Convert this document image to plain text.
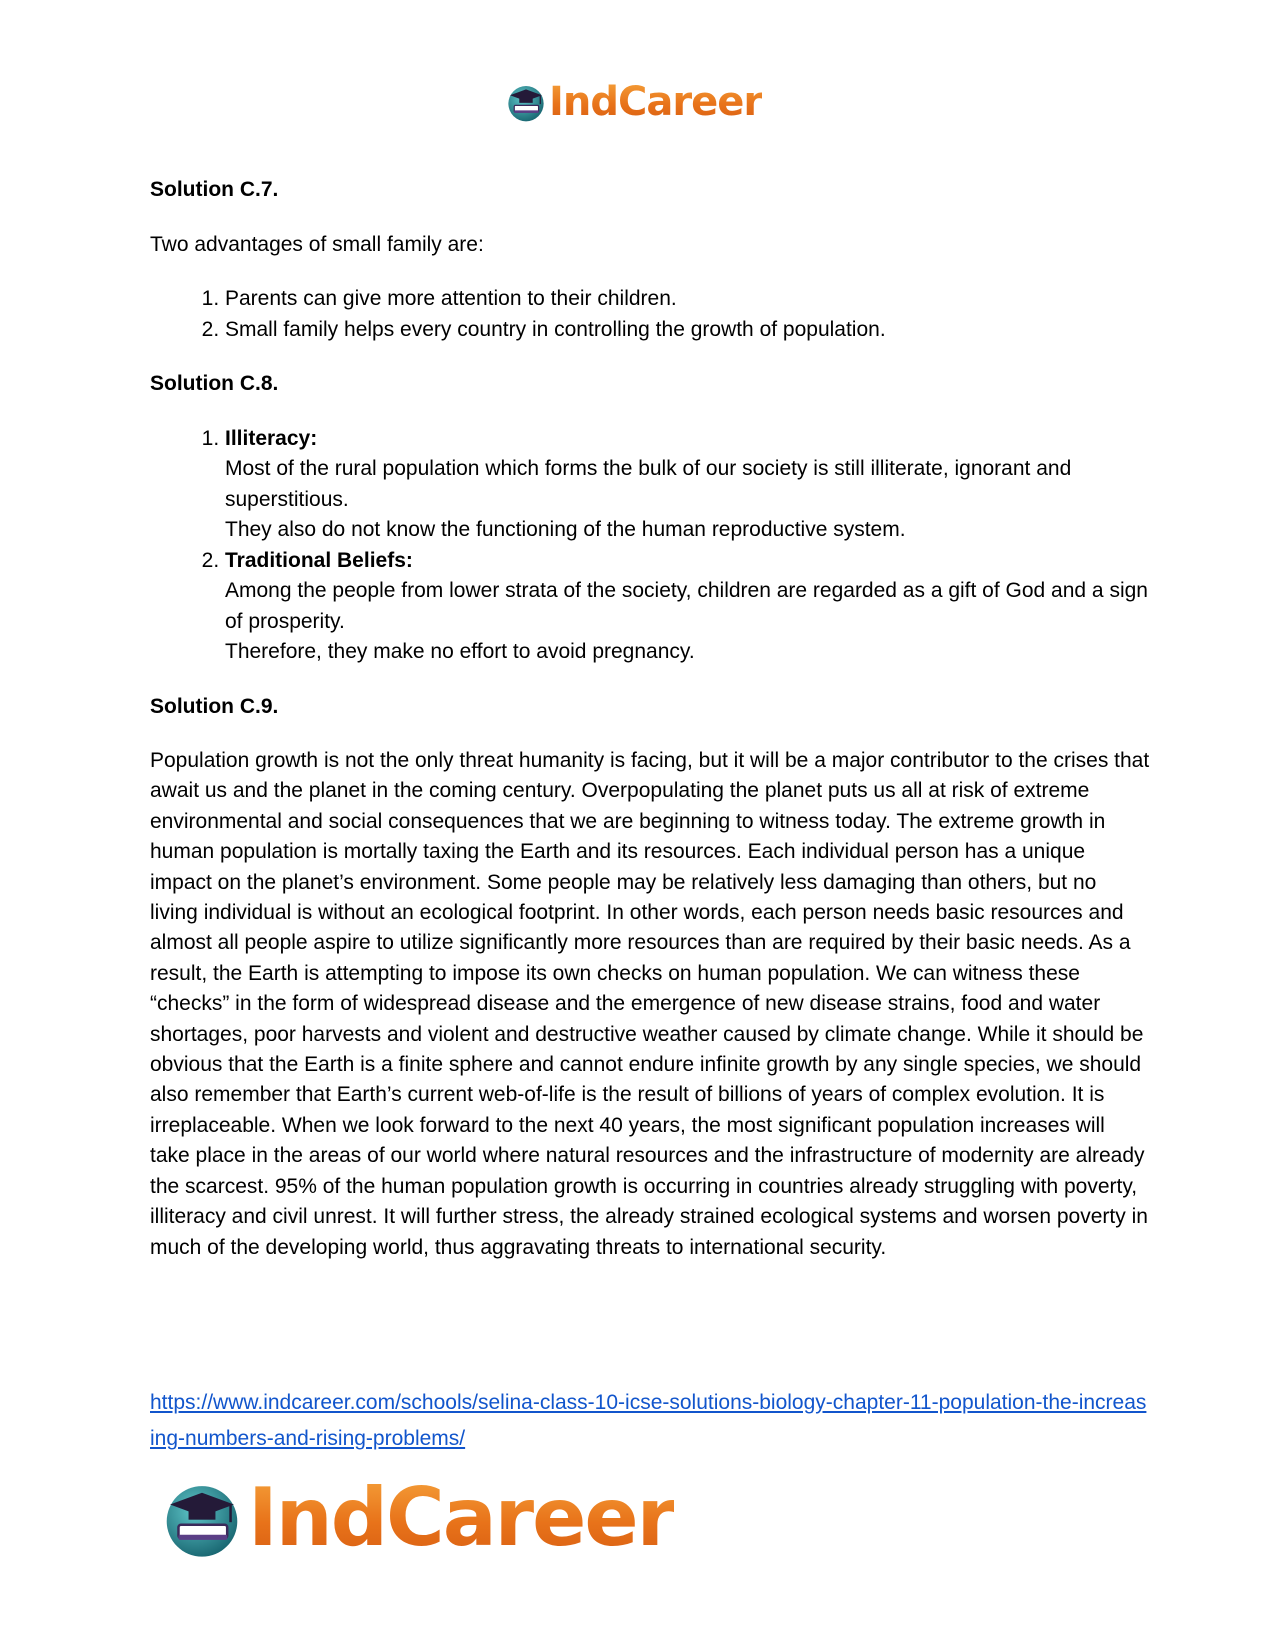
IndCareer
Solution C.7.
Two advantages of small family are:
1. Parents can give more attention to their children.
2. Small family helps every country in controlling the growth of population.
Solution C.8.
1. Illiteracy:
Most of the rural population which forms the bulk of our society is still illiterate, ignorant and superstitious.
They also do not know the functioning of the human reproductive system.
2. Traditional Beliefs:
Among the people from lower strata of the society, children are regarded as a gift of God and a sign of prosperity.
Therefore, they make no effort to avoid pregnancy.
Solution C.9.

Population growth is not the only threat humanity is facing, but it will be a major contributor to the crises that await us and the planet in the coming century. Overpopulating the planet puts us all at risk of extreme environmental and social consequences that we are beginning to witness today. The extreme growth in human population is mortally taxing the Earth and its resources. Each individual person has a unique impact on the planet’s environment. Some people may be relatively less damaging than others, but no living individual is without an ecological footprint. In other words, each person needs basic resources and almost all people aspire to utilize significantly more resources than are required by their basic needs. As a result, the Earth is attempting to impose its own checks on human population. We can witness these “checks” in the form of widespread disease and the emergence of new disease strains, food and water shortages, poor harvests and violent and destructive weather caused by climate change. While it should be obvious that the Earth is a finite sphere and cannot endure infinite growth by any single species, we should also remember that Earth’s current web-of-life is the result of billions of years of complex evolution. It is irreplaceable. When we look forward to the next 40 years, the most significant population increases will take place in the areas of our world where natural resources and the infrastructure of modernity are already the scarcest. 95% of the human population growth is occurring in countries already struggling with poverty, illiteracy and civil unrest. It will further stress, the already strained ecological systems and worsen poverty in much of the developing world, thus aggravating threats to international security.

https://www.indcareer.com/schools/selina-class-10-icse-solutions-biology-chapter-11-population-the-increasing-numbers-and-rising-problems/
IndCareer
